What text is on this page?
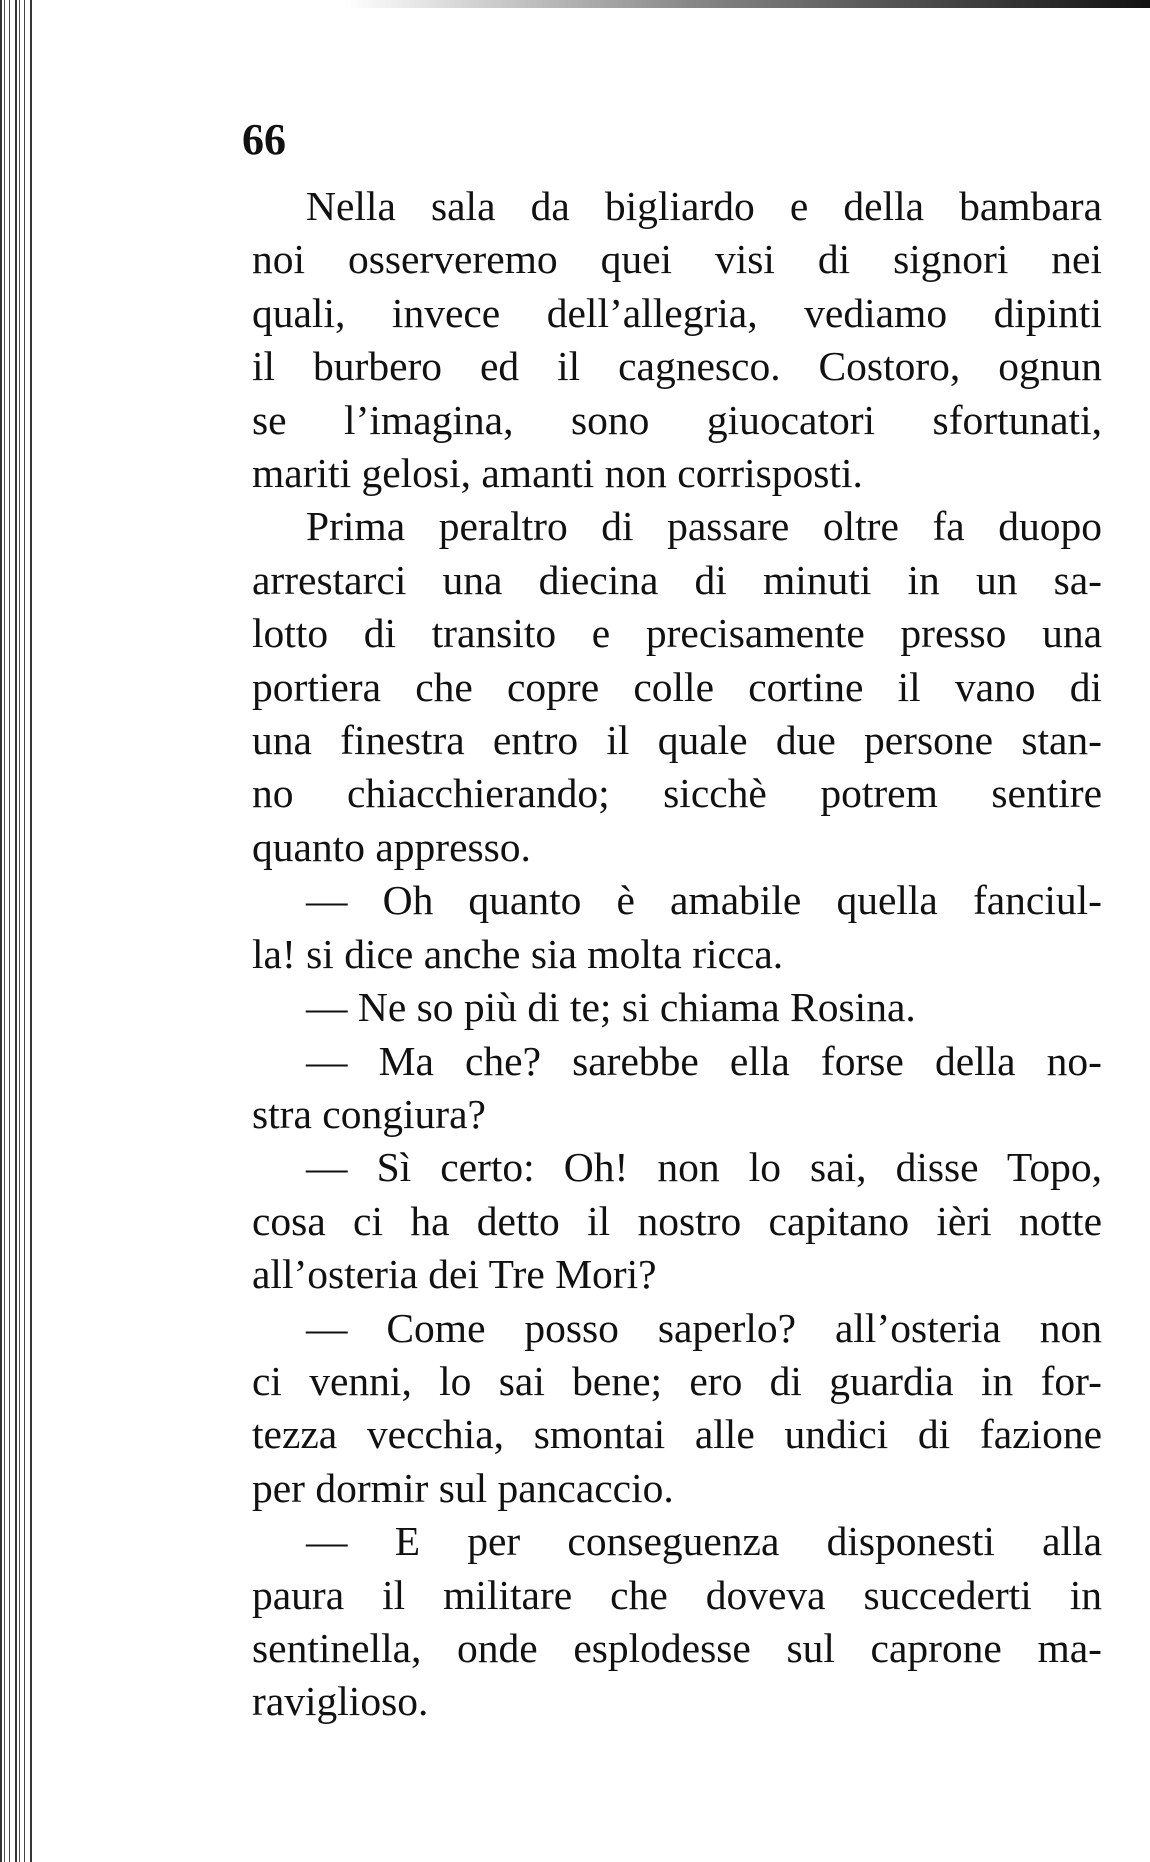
66
Nella sala da bigliardo e della bambara
noi osserveremo quei visi di signori nei
quali, invece dell’allegria, vediamo dipinti
il burbero ed il cagnesco. Costoro, ognun
se l’imagina, sono giuocatori sfortunati,
mariti gelosi, amanti non corrisposti.
Prima peraltro di passare oltre fa duopo
arrestarci una diecina di minuti in un sa-
lotto di transito e precisamente presso una
portiera che copre colle cortine il vano di
una finestra entro il quale due persone stan-
no chiacchierando; sicchè potrem sentire
quanto appresso.
— Oh quanto è amabile quella fanciul-
la! si dice anche sia molta ricca.
— Ne so più di te; si chiama Rosina.
— Ma che? sarebbe ella forse della no-
stra congiura?
— Sì certo: Oh! non lo sai, disse Topo,
cosa ci ha detto il nostro capitano ièri notte
all’osteria dei Tre Mori?
— Come posso saperlo? all’osteria non
ci venni, lo sai bene; ero di guardia in for-
tezza vecchia, smontai alle undici di fazione
per dormir sul pancaccio.
— E per conseguenza disponesti alla
paura il militare che doveva succederti in
sentinella, onde esplodesse sul caprone ma-
raviglioso.
